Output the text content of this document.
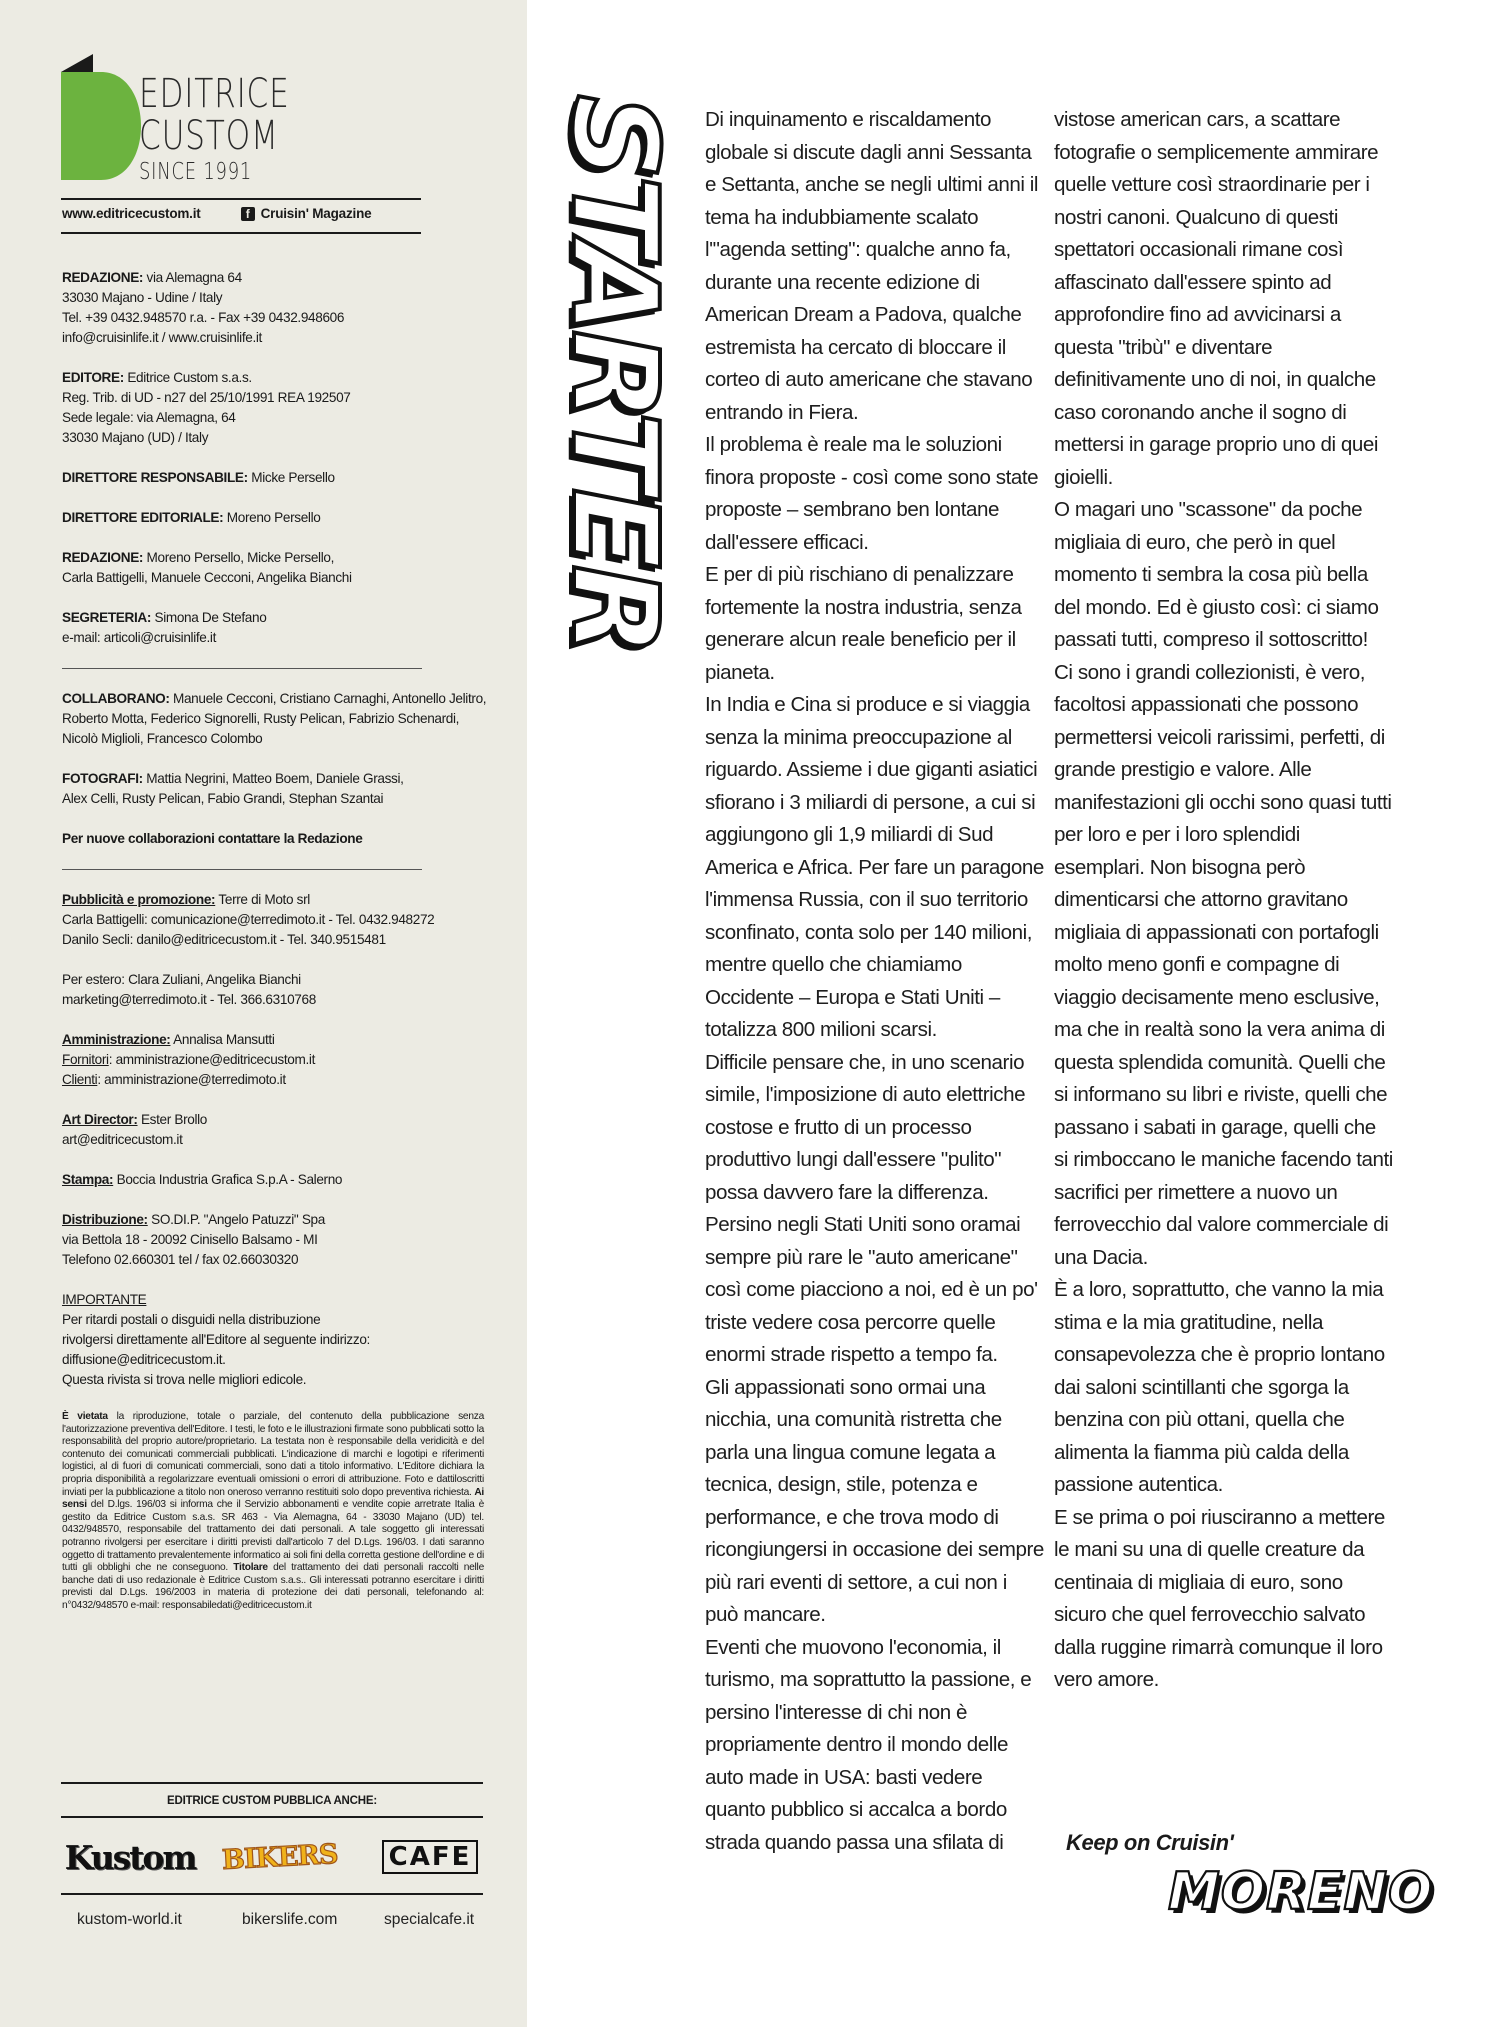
EDITRICE
CUSTOM
SINCE 1991
www.editricecustom.it	f Cruisin' Magazine

REDAZIONE: via Alemagna 64
33030 Majano - Udine / Italy
Tel. +39 0432.948570 r.a. - Fax +39 0432.948606
info@cruisinlife.it / www.cruisinlife.it

EDITORE: Editrice Custom s.a.s.
Reg. Trib. di UD - n27 del 25/10/1991 REA 192507
Sede legale: via Alemagna, 64
33030 Majano (UD) / Italy

DIRETTORE RESPONSABILE: Micke Persello

DIRETTORE EDITORIALE: Moreno Persello

REDAZIONE: Moreno Persello, Micke Persello,
Carla Battigelli, Manuele Cecconi, Angelika Bianchi

SEGRETERIA: Simona De Stefano
e-mail: articoli@cruisinlife.it

COLLABORANO: Manuele Cecconi, Cristiano Carnaghi, Antonello Jelitro,
Roberto Motta, Federico Signorelli, Rusty Pelican, Fabrizio Schenardi,
Nicolò Miglioli, Francesco Colombo

FOTOGRAFI: Mattia Negrini, Matteo Boem, Daniele Grassi,
Alex Celli, Rusty Pelican, Fabio Grandi, Stephan Szantai

Per nuove collaborazioni contattare la Redazione

Pubblicità e promozione: Terre di Moto srl
Carla Battigelli: comunicazione@terredimoto.it - Tel. 0432.948272
Danilo Secli: danilo@editricecustom.it - Tel. 340.9515481

Per estero: Clara Zuliani, Angelika Bianchi
marketing@terredimoto.it - Tel. 366.6310768

Amministrazione: Annalisa Mansutti
Fornitori: amministrazione@editricecustom.it
Clienti: amministrazione@terredimoto.it

Art Director: Ester Brollo
art@editricecustom.it

Stampa: Boccia Industria Grafica S.p.A - Salerno

Distribuzione: SO.DI.P. "Angelo Patuzzi" Spa
via Bettola 18 - 20092 Cinisello Balsamo - MI
Telefono 02.660301 tel / fax 02.66030320

IMPORTANTE
Per ritardi postali o disguidi nella distribuzione
rivolgersi direttamente all'Editore al seguente indirizzo:
diffusione@editricecustom.it.
Questa rivista si trova nelle migliori edicole.

È vietata la riproduzione, totale o parziale, del contenuto della pubblicazione senza l'autorizzazione preventiva dell'Editore. I testi, le foto e le illustrazioni firmate sono pubblicati sotto la responsabilità del proprio autore/proprietario. La testata non è responsabile della veridicità e del contenuto dei comunicati commerciali pubblicati. L'indicazione di marchi e logotipi e riferimenti logistici, al di fuori di comunicati commerciali, sono dati a titolo informativo. L'Editore dichiara la propria disponibilità a regolarizzare eventuali omissioni o errori di attribuzione. Foto e dattiloscritti inviati per la pubblicazione a titolo non oneroso verranno restituiti solo dopo preventiva richiesta. Ai sensi del D.lgs. 196/03 si informa che il Servizio abbonamenti e vendite copie arretrate Italia è gestito da Editrice Custom s.a.s. SR 463 - Via Alemagna, 64 - 33030 Majano (UD) tel. 0432/948570, responsabile del trattamento dei dati personali. A tale soggetto gli interessati potranno rivolgersi per esercitare i diritti previsti dall'articolo 7 del D.Lgs. 196/03. I dati saranno oggetto di trattamento prevalentemente informatico ai soli fini della corretta gestione dell'ordine e di tutti gli obblighi che ne conseguono. Titolare del trattamento dei dati personali raccolti nelle banche dati di uso redazionale è Editrice Custom s.a.s.. Gli interessati potranno esercitare i diritti previsti dal D.Lgs. 196/2003 in materia di protezione dei dati personali, telefonando al: n°0432/948570 e-mail: responsabiledati@editricecustom.it
EDITRICE CUSTOM PUBBLICA ANCHE:
Kustom BIKERS CAFE
kustom-world.it	bikerslife.com	specialcafe.it
STARTER Di inquinamento e riscaldamento globale si discute dagli anni Sessanta e Settanta, anche se negli ultimi anni il tema ha indubbiamente scalato l'"agenda setting": qualche anno fa, durante una recente edizione di American Dream a Padova, qualche estremista ha cercato di bloccare il corteo di auto americane che stavano entrando in Fiera.

Il problema è reale ma le soluzioni finora proposte - così come sono state proposte – sembrano ben lontane dall'essere efficaci.

E per di più rischiano di penalizzare fortemente la nostra industria, senza generare alcun reale beneficio per il pianeta.

In India e Cina si produce e si viaggia senza la minima preoccupazione al riguardo. Assieme i due giganti asiatici sfiorano i 3 miliardi di persone, a cui si aggiungono gli 1,9 miliardi di Sud America e Africa. Per fare un paragone l'immensa Russia, con il suo territorio sconfinato, conta solo per 140 milioni, mentre quello che chiamiamo Occidente – Europa e Stati Uniti – totalizza 800 milioni scarsi.

Difficile pensare che, in uno scenario simile, l'imposizione di auto elettriche costose e frutto di un processo produttivo lungi dall'essere "pulito" possa davvero fare la differenza.

Persino negli Stati Uniti sono oramai sempre più rare le "auto americane" così come piacciono a noi, ed è un po' triste vedere cosa percorre quelle enormi strade rispetto a tempo fa.

Gli appassionati sono ormai una nicchia, una comunità ristretta che parla una lingua comune legata a tecnica, design, stile, potenza e performance, e che trova modo di ricongiungersi in occasione dei sempre più rari eventi di settore, a cui non i può mancare.

Eventi che muovono l'economia, il turismo, ma soprattutto la passione, e persino l'interesse di chi non è propriamente dentro il mondo delle auto made in USA: basti vedere quanto pubblico si accalca a bordo strada quando passa una sfilata di

vistose american cars, a scattare fotografie o semplicemente ammirare quelle vetture così straordinarie per i nostri canoni. Qualcuno di questi spettatori occasionali rimane così affascinato dall'essere spinto ad approfondire fino ad avvicinarsi a questa "tribù" e diventare definitivamente uno di noi, in qualche caso coronando anche il sogno di mettersi in garage proprio uno di quei gioielli.

O magari uno "scassone" da poche migliaia di euro, che però in quel momento ti sembra la cosa più bella del mondo. Ed è giusto così: ci siamo passati tutti, compreso il sottoscritto!

Ci sono i grandi collezionisti, è vero, facoltosi appassionati che possono permettersi veicoli rarissimi, perfetti, di grande prestigio e valore. Alle manifestazioni gli occhi sono quasi tutti per loro e per i loro splendidi esemplari. Non bisogna però dimenticarsi che attorno gravitano migliaia di appassionati con portafogli molto meno gonfi e compagne di viaggio decisamente meno esclusive, ma che in realtà sono la vera anima di questa splendida comunità. Quelli che si informano su libri e riviste, quelli che passano i sabati in garage, quelli che si rimboccano le maniche facendo tanti sacrifici per rimettere a nuovo un ferrovecchio dal valore commerciale di una Dacia.

È a loro, soprattutto, che vanno la mia stima e la mia gratitudine, nella consapevolezza che è proprio lontano dai saloni scintillanti che sgorga la benzina con più ottani, quella che alimenta la fiamma più calda della passione autentica.

E se prima o poi riusciranno a mettere le mani su una di quelle creature da centinaia di migliaia di euro, sono sicuro che quel ferrovecchio salvato dalla ruggine rimarrà comunque il loro vero amore.

Keep on Cruisin'
MORENO
